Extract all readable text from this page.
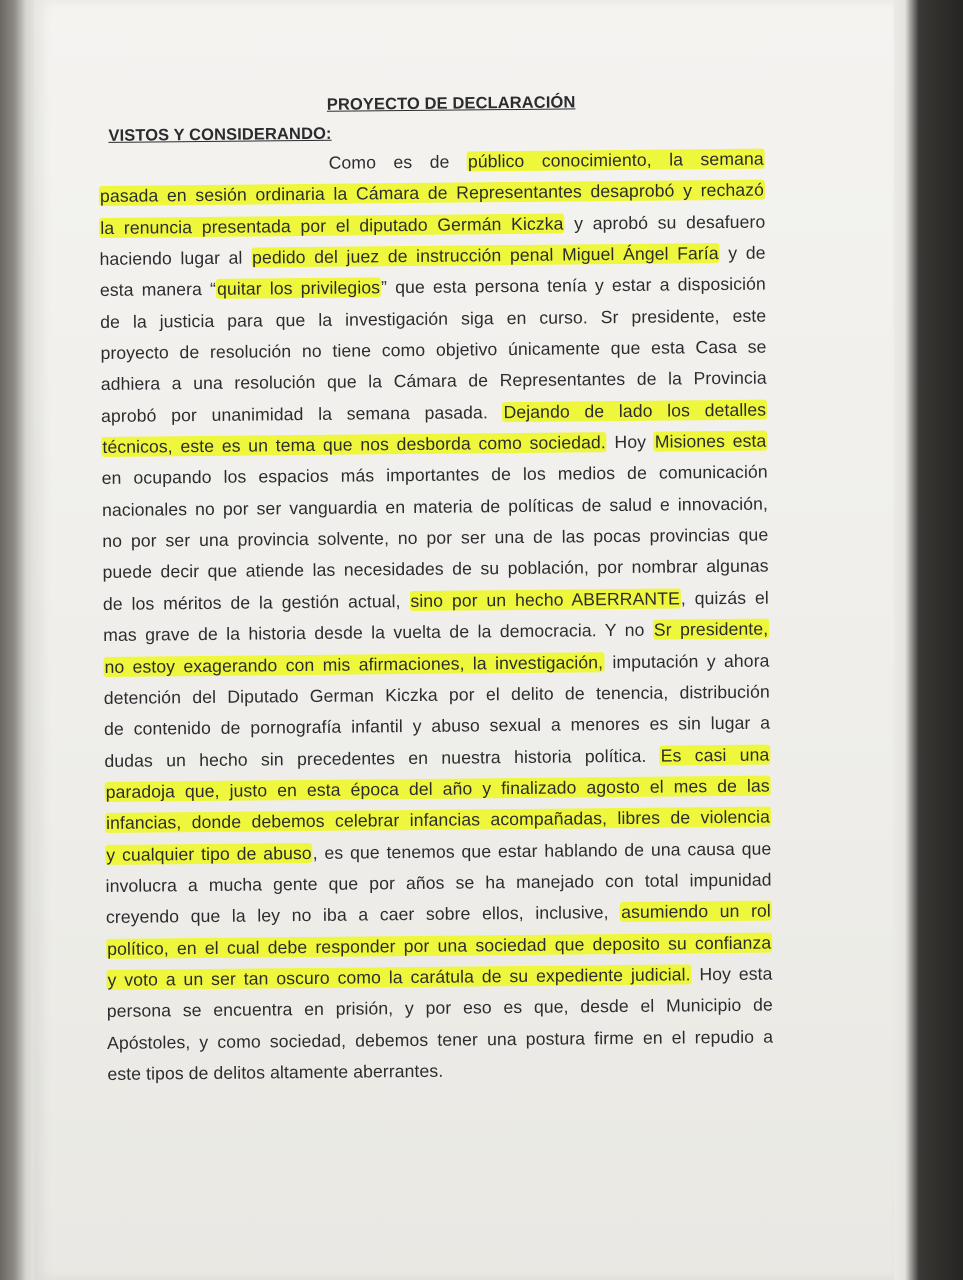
PROYECTO DE DECLARACIÓN
VISTOS Y CONSIDERANDO:
Como es de público conocimiento, la semana
pasada en sesión ordinaria la Cámara de Representantes desaprobó y rechazó
la renuncia presentada por el diputado Germán Kiczka y aprobó su desafuero
haciendo lugar al pedido del juez de instrucción penal Miguel Ángel Faría y de
esta manera “quitar los privilegios” que esta persona tenía y estar a disposición
de la justicia para que la investigación siga en curso. Sr presidente, este
proyecto de resolución no tiene como objetivo únicamente que esta Casa se
adhiera a una resolución que la Cámara de Representantes de la Provincia
aprobó por unanimidad la semana pasada. Dejando de lado los detalles
técnicos, este es un tema que nos desborda como sociedad. Hoy Misiones esta
en ocupando los espacios más importantes de los medios de comunicación
nacionales no por ser vanguardia en materia de políticas de salud e innovación,
no por ser una provincia solvente, no por ser una de las pocas provincias que
puede decir que atiende las necesidades de su población, por nombrar algunas
de los méritos de la gestión actual, sino por un hecho ABERRANTE, quizás el
mas grave de la historia desde la vuelta de la democracia. Y no Sr presidente,
no estoy exagerando con mis afirmaciones, la investigación, imputación y ahora
detención del Diputado German Kiczka por el delito de tenencia, distribución
de contenido de pornografía infantil y abuso sexual a menores es sin lugar a
dudas un hecho sin precedentes en nuestra historia política. Es casi una
paradoja que, justo en esta época del año y finalizado agosto el mes de las
infancias, donde debemos celebrar infancias acompañadas, libres de violencia
y cualquier tipo de abuso, es que tenemos que estar hablando de una causa que
involucra a mucha gente que por años se ha manejado con total impunidad
creyendo que la ley no iba a caer sobre ellos, inclusive, asumiendo un rol
político, en el cual debe responder por una sociedad que deposito su confianza
y voto a un ser tan oscuro como la carátula de su expediente judicial. Hoy esta
persona se encuentra en prisión, y por eso es que, desde el Municipio de
Apóstoles, y como sociedad, debemos tener una postura firme en el repudio a
este tipos de delitos altamente aberrantes.
